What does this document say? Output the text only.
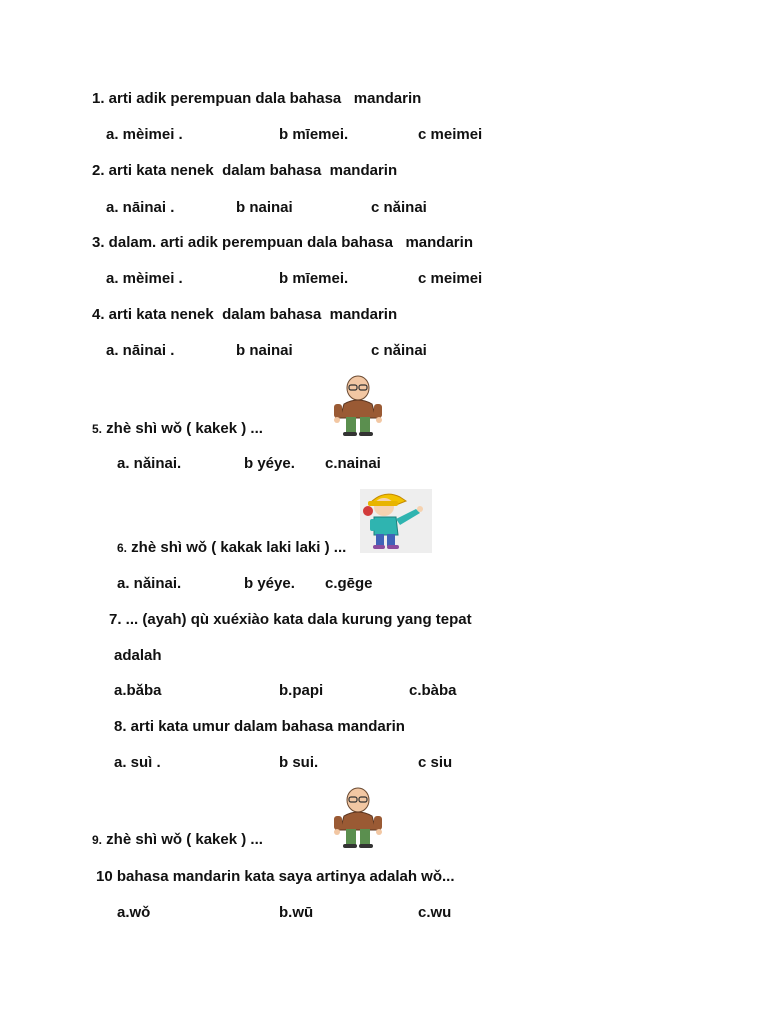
1. arti adik perempuan dala bahasa   mandarin
a. mèimei .	b mīemei.	c meimei
2. arti kata nenek  dalam bahasa  mandarin
a. nāinai .	b nainai	c nǎinai
3. dalam. arti adik perempuan dala bahasa   mandarin
a. mèimei .	b mīemei.	c meimei
4. arti kata nenek  dalam bahasa  mandarin
a. nāinai .	b nainai	c nǎinai
5. zhè shì wǒ ( kakek ) ...
a. nǎinai.	b yéye. c.nainai
6. zhè shì wǒ ( kakak laki laki ) ...
a. nǎinai.	b yéye. c.gēge
7. ... (ayah) qù xuéxiào kata dala kurung yang tepat
adalah
a.bǎba	b.papi	c.bàba
8. arti kata umur dalam bahasa mandarin
a. suì .	b sui.	c siu
9. zhè shì wǒ ( kakek ) ...
10 bahasa mandarin kata saya artinya adalah wǒ...
a.wǒ	b.wū	c.wu
